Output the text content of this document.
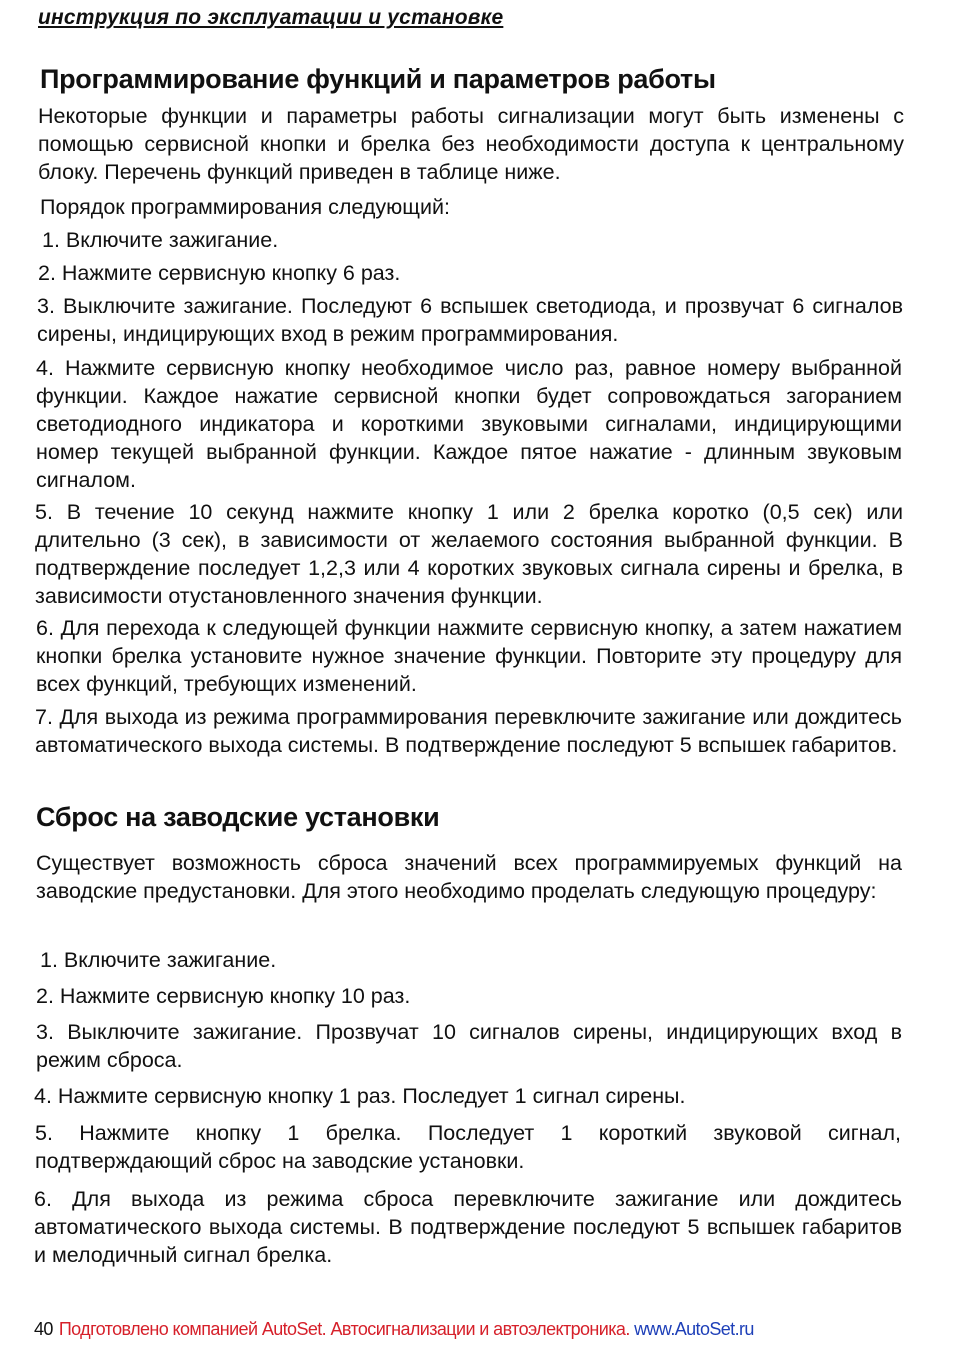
инструкция по эксплуатации и установке
Программирование функций и параметров работы

Некоторые функции и параметры работы сигнализации могут быть изменены с помощью сервисной кнопки и брелка без необходимости доступа к центральному блоку. Перечень функций приведен в таблице ниже.

Порядок программирования следующий:

1. Включите зажигание.

2. Нажмите сервисную кнопку 6 раз.

3. Выключите зажигание. Последуют 6 вспышек светодиода, и прозвучат 6 сигналов сирены, индицирующих вход в режим программирования.

4. Нажмите сервисную кнопку необходимое число раз, равное номеру выбранной функции. Каждое нажатие сервисной кнопки будет сопровождаться загоранием светодиодного индикатора и короткими звуковыми сигналами, индицирующими номер текущей выбранной функции. Каждое пятое нажатие - длинным звуковым сигналом.

5. В течение 10 секунд нажмите кнопку 1 или 2 брелка коротко (0,5 сек) или длительно (3 сек), в зависимости от желаемого состояния выбранной функции. В подтверждение последует 1,2,3 или 4 коротких звуковых сигнала сирены и брелка, в зависимости отустановленного значения функции.

6. Для перехода к следующей функции нажмите сервисную кнопку, а затем нажатием кнопки брелка установите нужное значение функции. Повторите эту процедуру для всех функций, требующих изменений.

7. Для выхода из режима программирования перевключите зажигание или дождитесь автоматического выхода системы. В подтверждение последуют 5 вспышек габаритов.

Сброс на заводские установки

Существует возможность сброса значений всех программируемых функций на заводские предустановки. Для этого необходимо проделать следующую процедуру:

1. Включите зажигание.

2. Нажмите сервисную кнопку 10 раз.

3. Выключите зажигание. Прозвучат 10 сигналов сирены, индицирующих вход в режим сброса.

4. Нажмите сервисную кнопку 1 раз. Последует 1 сигнал сирены.

5. Нажмите кнопку 1 брелка. Последует 1 короткий звуковой сигнал, подтверждающий сброс на заводские установки.

6. Для выхода из режима сброса перевключите зажигание или дождитесь автоматического выхода системы. В подтверждение последуют 5 вспышек габаритов и мелодичный сигнал брелка.

40 Подготовлено компанией AutoSet. Автосигнализации и автоэлектроника. www.AutoSet.ru
